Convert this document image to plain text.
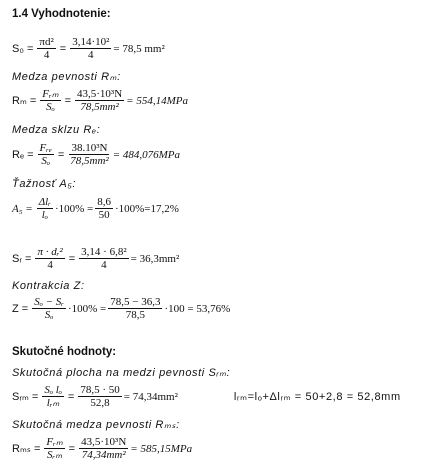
1.4 Vyhodnotenie:
$S_0 = \frac{\text{πd²}}{4} = \frac{\text{3,14·10²}}{4} = 78,5$ mm²
Medza pevnosti Rₘ:
$R_m = \frac{\text{Fᵣₘ}}{\text{Sₒ}} = \frac{\text{43,5·10³N}}{\text{78,5mm²}} = 554,14MPa$
Medza sklzu Rₑ:
$R_e = \frac{\text{Fᵣₑ}}{\text{Sₒ}} = \frac{\text{38.10³N}}{\text{78,5mm²}} = 484,076MPa$
Ťažnosť A₅:
$A_5 = \frac{\text{Δlᵣ}}{\text{lₒ}} \cdot 100\% = \frac{8,6}{50} \cdot 100\%=17,2\%$
Sᵣ = $\frac{\text{π · dᵣ²}}{4} = \frac{\text{3,14 · 6,8²}}{4} = 36,3mm^2$
Kontrakcia Z:
$Z = \frac{\text{Sₒ − Sᵣ}}{\text{Sₒ}} \cdot 100\% = \frac{78,5 - 36,3}{78,5} \cdot 100 = 53,76\%$
Skutočné hodnoty:
Skutočná plocha na medzi pevnosti Sᵣₘ:
Sᵣₘ = $\frac{\text{Sₒ lₒ}}{\text{lᵣₘ}} = \frac{78,5 \cdot 50}{52,8} = 74,34mm^2$	lᵣₘ=lₒ+Δlᵣₘ = 50+2,8 = 52,8mm
Skutočná medza pevnosti Rₘₛ:
$R_{ms} = \frac{\text{Fᵣₘ}}{\text{Sᵣₘ}} = \frac{\text{43,5·10³N}}{\text{74,34mm²}} = 585,15MPa$
